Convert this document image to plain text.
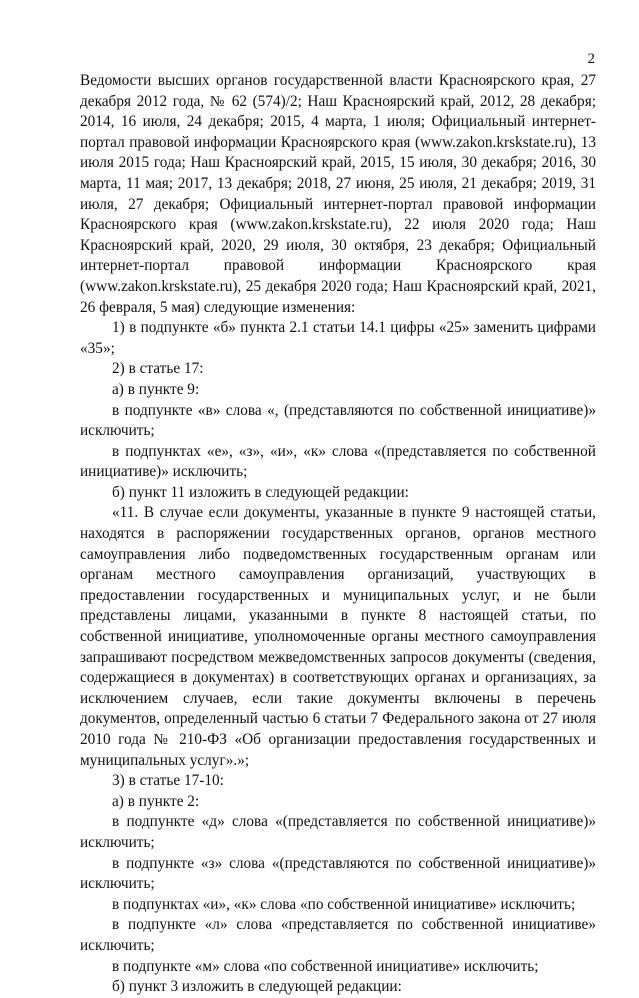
2

Ведомости высших органов государственной власти Красноярского края, 27 декабря 2012 года, № 62 (574)/2; Наш Красноярский край, 2012, 28 декабря; 2014, 16 июля, 24 декабря; 2015, 4 марта, 1 июля; Официальный интернет-портал правовой информации Красноярского края (www.zakon.krskstate.ru), 13 июля 2015 года; Наш Красноярский край, 2015, 15 июля, 30 декабря; 2016, 30 марта, 11 мая; 2017, 13 декабря; 2018, 27 июня, 25 июля, 21 декабря; 2019, 31 июля, 27 декабря; Официальный интернет-портал правовой информации Красноярского края (www.zakon.krskstate.ru), 22 июля 2020 года; Наш Красноярский край, 2020, 29 июля, 30 октября, 23 декабря; Официальный интернет-портал правовой информации Красноярского края (www.zakon.krskstate.ru), 25 декабря 2020 года; Наш Красноярский край, 2021, 26 февраля, 5 мая) следующие изменения:

1) в подпункте «б» пункта 2.1 статьи 14.1 цифры «25» заменить цифрами «35»;

2) в статье 17:

а) в пункте 9:

в подпункте «в» слова «, (представляются по собственной инициативе)» исключить;

в подпунктах «е», «з», «и», «к» слова «(представляется по собственной инициативе)» исключить;

б) пункт 11 изложить в следующей редакции:

«11. В случае если документы, указанные в пункте 9 настоящей статьи, находятся в распоряжении государственных органов, органов местного самоуправления либо подведомственных государственным органам или органам местного самоуправления организаций, участвующих в предоставлении государственных и муниципальных услуг, и не были представлены лицами, указанными в пункте 8 настоящей статьи, по собственной инициативе, уполномоченные органы местного самоуправления запрашивают посредством межведомственных запросов документы (сведения, содержащиеся в документах) в соответствующих органах и организациях, за исключением случаев, если такие документы включены в перечень документов, определенный частью 6 статьи 7 Федерального закона от 27 июля 2010 года № 210-ФЗ «Об организации предоставления государственных и муниципальных услуг».»;

3) в статье 17-10:

а) в пункте 2:

в подпункте «д» слова «(представляется по собственной инициативе)» исключить;

в подпункте «з» слова «(представляются по собственной инициативе)» исключить;

в подпунктах «и», «к» слова «по собственной инициативе» исключить;

в подпункте «л» слова «представляется по собственной инициативе» исключить;

в подпункте «м» слова «по собственной инициативе» исключить;

б) пункт 3 изложить в следующей редакции:
